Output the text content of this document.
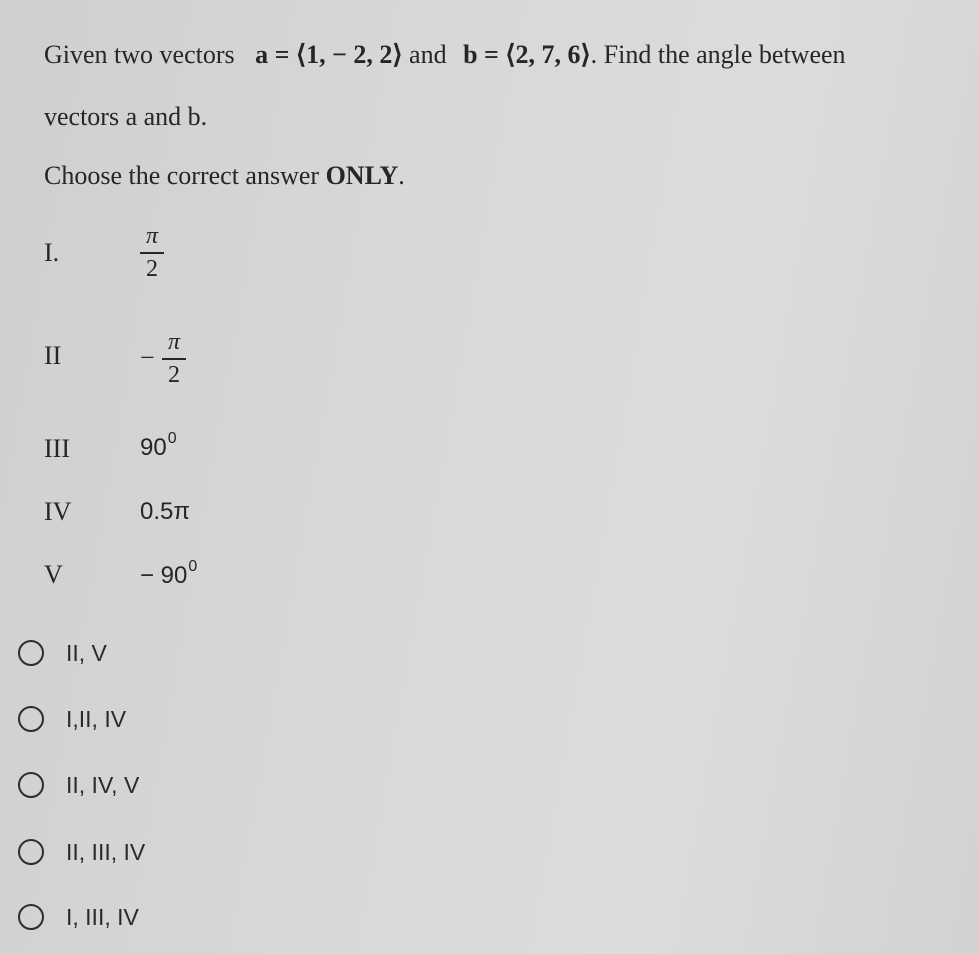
Given two vectors a = ⟨1, − 2, 2⟩ and b = ⟨2, 7, 6⟩. Find the angle between
vectors a and b.
Choose the correct answer ONLY.
I.
π
2
II	−
π
2
III	$90^0$
IV	0.5π
V	− $90^0$
II, V
I,II, IV
II, IV, V
II, III, IV
I, III, IV
